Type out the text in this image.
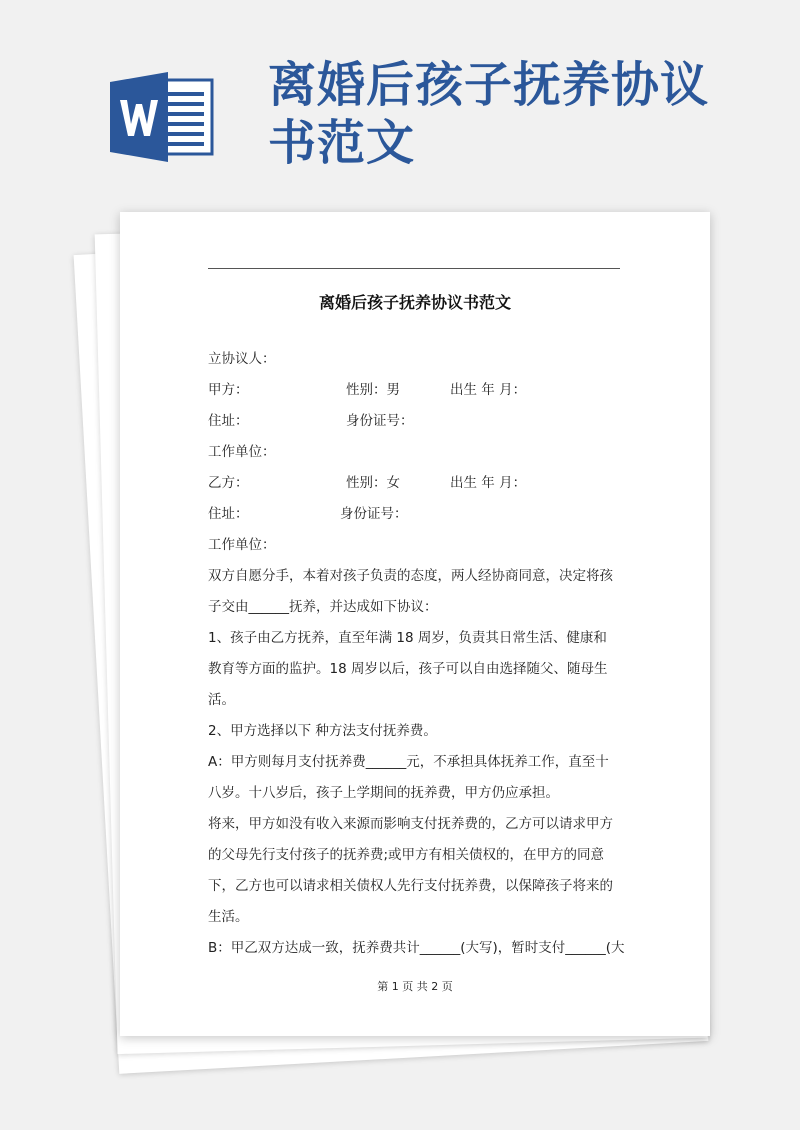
离婚后孩子抚养协议书范文
离婚后孩子抚养协议书范文
立协议人：
甲方：	性别：男	出生 年 月：
住址：	身份证号：
工作单位：
乙方：	性别：女	出生 年 月：
住址：	身份证号：
工作单位：
双方自愿分手，本着对孩子负责的态度，两人经协商同意，决定将孩
子交由______抚养，并达成如下协议：
1、孩子由乙方抚养，直至年满 18 周岁，负责其日常生活、健康和
教育等方面的监护。18 周岁以后，孩子可以自由选择随父、随母生
活。
2、甲方选择以下 种方法支付抚养费。
A：甲方则每月支付抚养费______元，不承担具体抚养工作，直至十
八岁。十八岁后，孩子上学期间的抚养费，甲方仍应承担。
将来，甲方如没有收入来源而影响支付抚养费的，乙方可以请求甲方
的父母先行支付孩子的抚养费;或甲方有相关债权的，在甲方的同意
下，乙方也可以请求相关债权人先行支付抚养费，以保障孩子将来的
生活。
B：甲乙双方达成一致，抚养费共计______(大写)，暂时支付______(大
第 1 页 共 2 页
